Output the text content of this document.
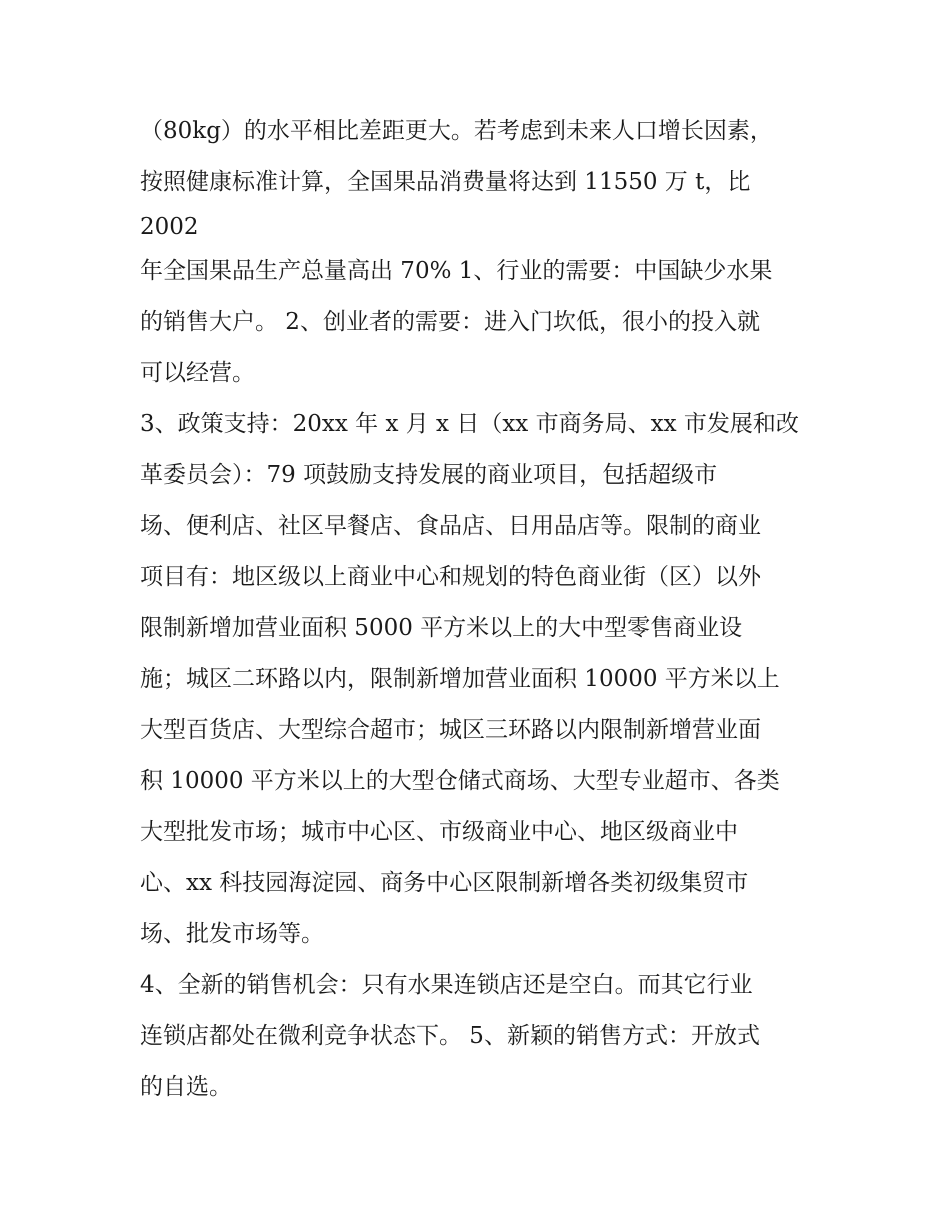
（80kg）的水平相比差距更大。若考虑到未来人口增长因素，
按照健康标准计算，全国果品消费量将达到 11550 万 t，比
2002
年全国果品生产总量高出 70% 1、行业的需要：中国缺少水果
的销售大户。 2、创业者的需要：进入门坎低，很小的投入就
可以经营。
3、政策支持：20xx 年 x 月 x 日（xx 市商务局、xx 市发展和改
革委员会）：79 项鼓励支持发展的商业项目，包括超级市
场、便利店、社区早餐店、食品店、日用品店等。限制的商业
项目有：地区级以上商业中心和规划的特色商业街（区）以外
限制新增加营业面积 5000 平方米以上的大中型零售商业设
施；城区二环路以内，限制新增加营业面积 10000 平方米以上
大型百货店、大型综合超市；城区三环路以内限制新增营业面
积 10000 平方米以上的大型仓储式商场、大型专业超市、各类
大型批发市场；城市中心区、市级商业中心、地区级商业中
心、xx 科技园海淀园、商务中心区限制新增各类初级集贸市
场、批发市场等。
4、全新的销售机会：只有水果连锁店还是空白。而其它行业
连锁店都处在微利竞争状态下。 5、新颖的销售方式：开放式
的自选。
